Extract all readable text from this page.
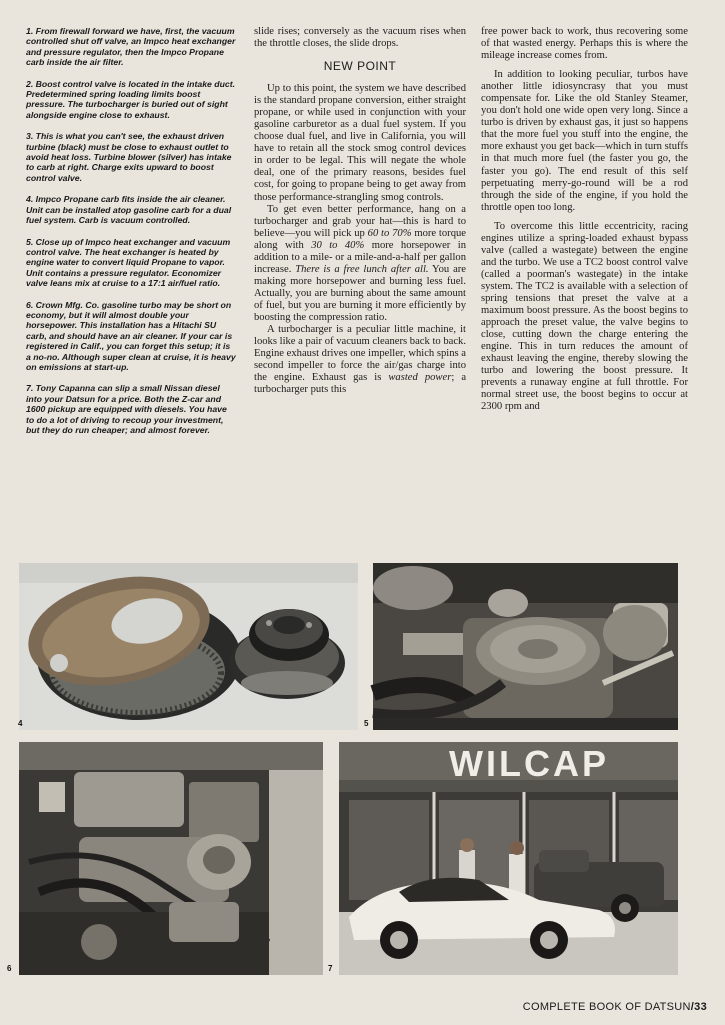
1. From firewall forward we have, first, the vacuum controlled shut off valve, an Impco heat exchanger and pressure regulator, then the Impco Propane carb inside the air filter.

2. Boost control valve is located in the intake duct. Predetermined spring loading limits boost pressure. The turbocharger is buried out of sight alongside engine close to exhaust.

3. This is what you can't see, the exhaust driven turbine (black) must be close to exhaust outlet to avoid heat loss. Turbine blower (silver) has intake to carb at right. Charge exits upward to boost control valve.

4. Impco Propane carb fits inside the air cleaner. Unit can be installed atop gasoline carb for a dual fuel system. Carb is vacuum controlled.

5. Close up of Impco heat exchanger and vacuum control valve. The heat exchanger is heated by engine water to convert liquid Propane to vapor. Unit contains a pressure regulator. Economizer valve leans mix at cruise to a 17:1 air/fuel ratio.

6. Crown Mfg. Co. gasoline turbo may be short on economy, but it will almost double your horsepower. This installation has a Hitachi SU carb, and should have an air cleaner. If your car is registered in Calif., you can forget this setup; it is a no-no. Although super clean at cruise, it is heavy on emissions at start-up.

7. Tony Capanna can slip a small Nissan diesel into your Datsun for a price. Both the Z-car and 1600 pickup are equipped with diesels. You have to do a lot of driving to recoup your investment, but they do run cheaper; and almost forever.

slide rises; conversely as the vacuum rises when the throttle closes, the slide drops.

NEW POINT

Up to this point, the system we have described is the standard propane conversion, either straight propane, or while used in conjunction with your gasoline carburetor as a dual fuel system. If you choose dual fuel, and live in California, you will have to retain all the stock smog control devices in order to be legal. This will negate the whole deal, one of the primary reasons, besides fuel cost, for going to propane being to get away from those performance-strangling smog controls.

To get even better performance, hang on a turbocharger and grab your hat—this is hard to believe—you will pick up 60 to 70% more torque along with 30 to 40% more horsepower in addition to a mile- or a mile-and-a-half per gallon increase. There is a free lunch after all. You are making more horsepower and burning less fuel. Actually, you are burning about the same amount of fuel, but you are burning it more efficiently by boosting the compression ratio.

A turbocharger is a peculiar little machine, it looks like a pair of vacuum cleaners back to back. Engine exhaust drives one impeller, which spins a second impeller to force the air/gas charge into the engine. Exhaust gas is wasted power; a turbocharger puts this

free power back to work, thus recovering some of that wasted energy. Perhaps this is where the mileage increase comes from.

In addition to looking peculiar, turbos have another little idiosyncrasy that you must compensate for. Like the old Stanley Steamer, you don't hold one wide open very long. Since a turbo is driven by exhaust gas, it just so happens that the more fuel you stuff into the engine, the more exhaust you get back—which in turn stuffs in that much more fuel (the faster you go, the faster you go). The end result of this self perpetuating merry-go-round will be a rod through the side of the engine, if you hold the throttle open too long.

To overcome this little eccentricity, racing engines utilize a spring-loaded exhaust bypass valve (called a wastegate) between the engine and the turbo. We use a TC2 boost control valve (called a poorman's wastegate) in the intake system. The TC2 is available with a selection of spring tensions that preset the valve at a maximum boost pressure. As the boost begins to approach the preset value, the valve begins to close, cutting down the charge entering the engine. This in turn reduces the amount of exhaust leaving the engine, thereby slowing the turbo and lowering the boost pressure. It prevents a runaway engine at full throttle. For normal street use, the boost begins to occur at 2300 rpm and

4	5
6
WILCAP
7
COMPLETE BOOK OF DATSUN/33
